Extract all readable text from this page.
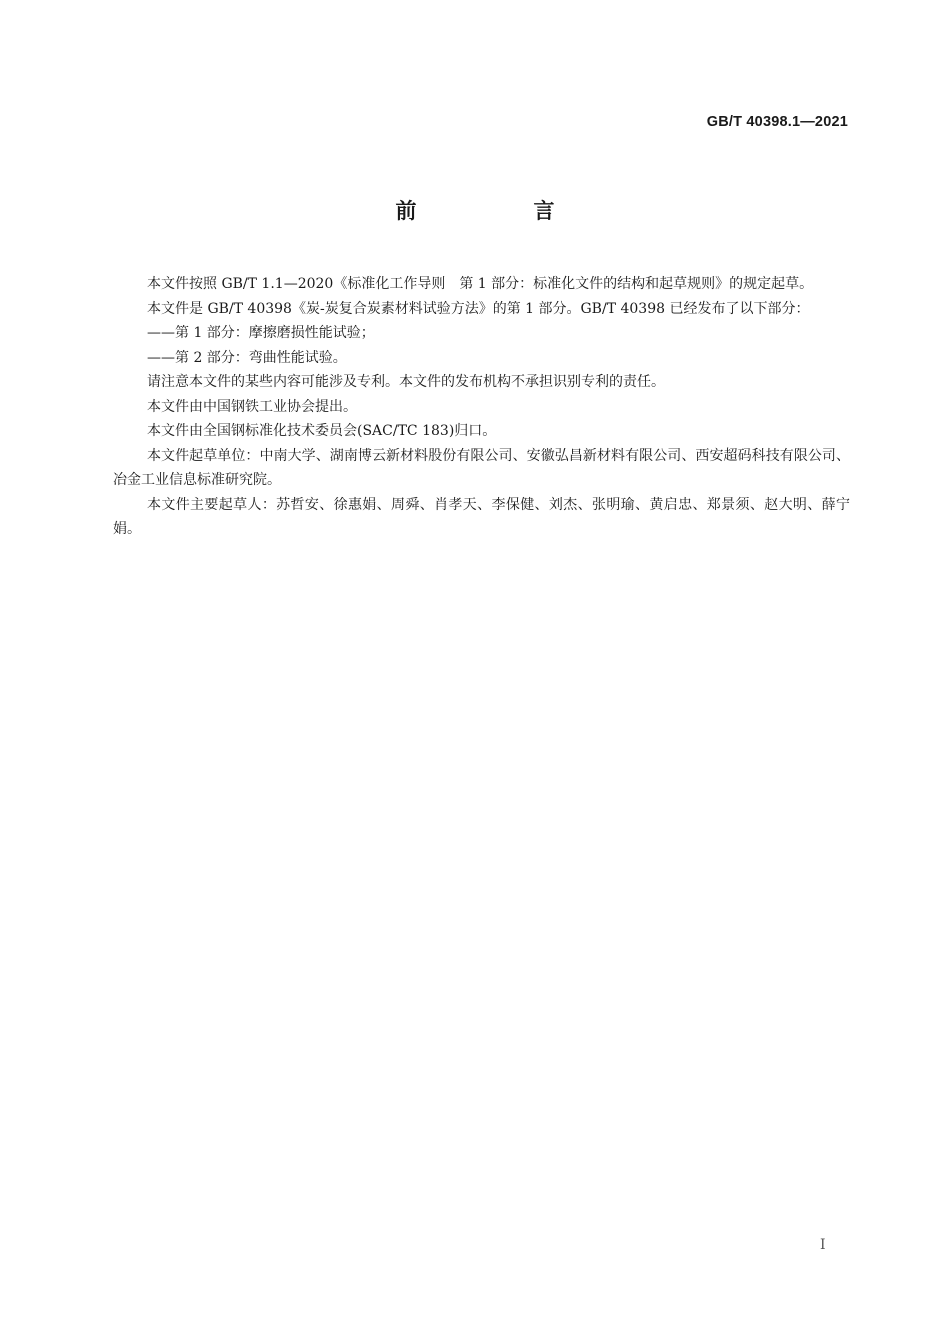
GB/T 40398.1—2021
前　言

本文件按照 GB/T 1.1—2020《标准化工作导则　第 1 部分：标准化文件的结构和起草规则》的规定起草。

本文件是 GB/T 40398《炭-炭复合炭素材料试验方法》的第 1 部分。GB/T 40398 已经发布了以下部分：

——第 1 部分：摩擦磨损性能试验；

——第 2 部分：弯曲性能试验。

请注意本文件的某些内容可能涉及专利。本文件的发布机构不承担识别专利的责任。

本文件由中国钢铁工业协会提出。

本文件由全国钢标准化技术委员会(SAC/TC 183)归口。

本文件起草单位：中南大学、湖南博云新材料股份有限公司、安徽弘昌新材料有限公司、西安超码科技有限公司、冶金工业信息标准研究院。

本文件主要起草人：苏哲安、徐惠娟、周舜、肖孝天、李保健、刘杰、张明瑜、黄启忠、郑景须、赵大明、薛宁娟。

I
